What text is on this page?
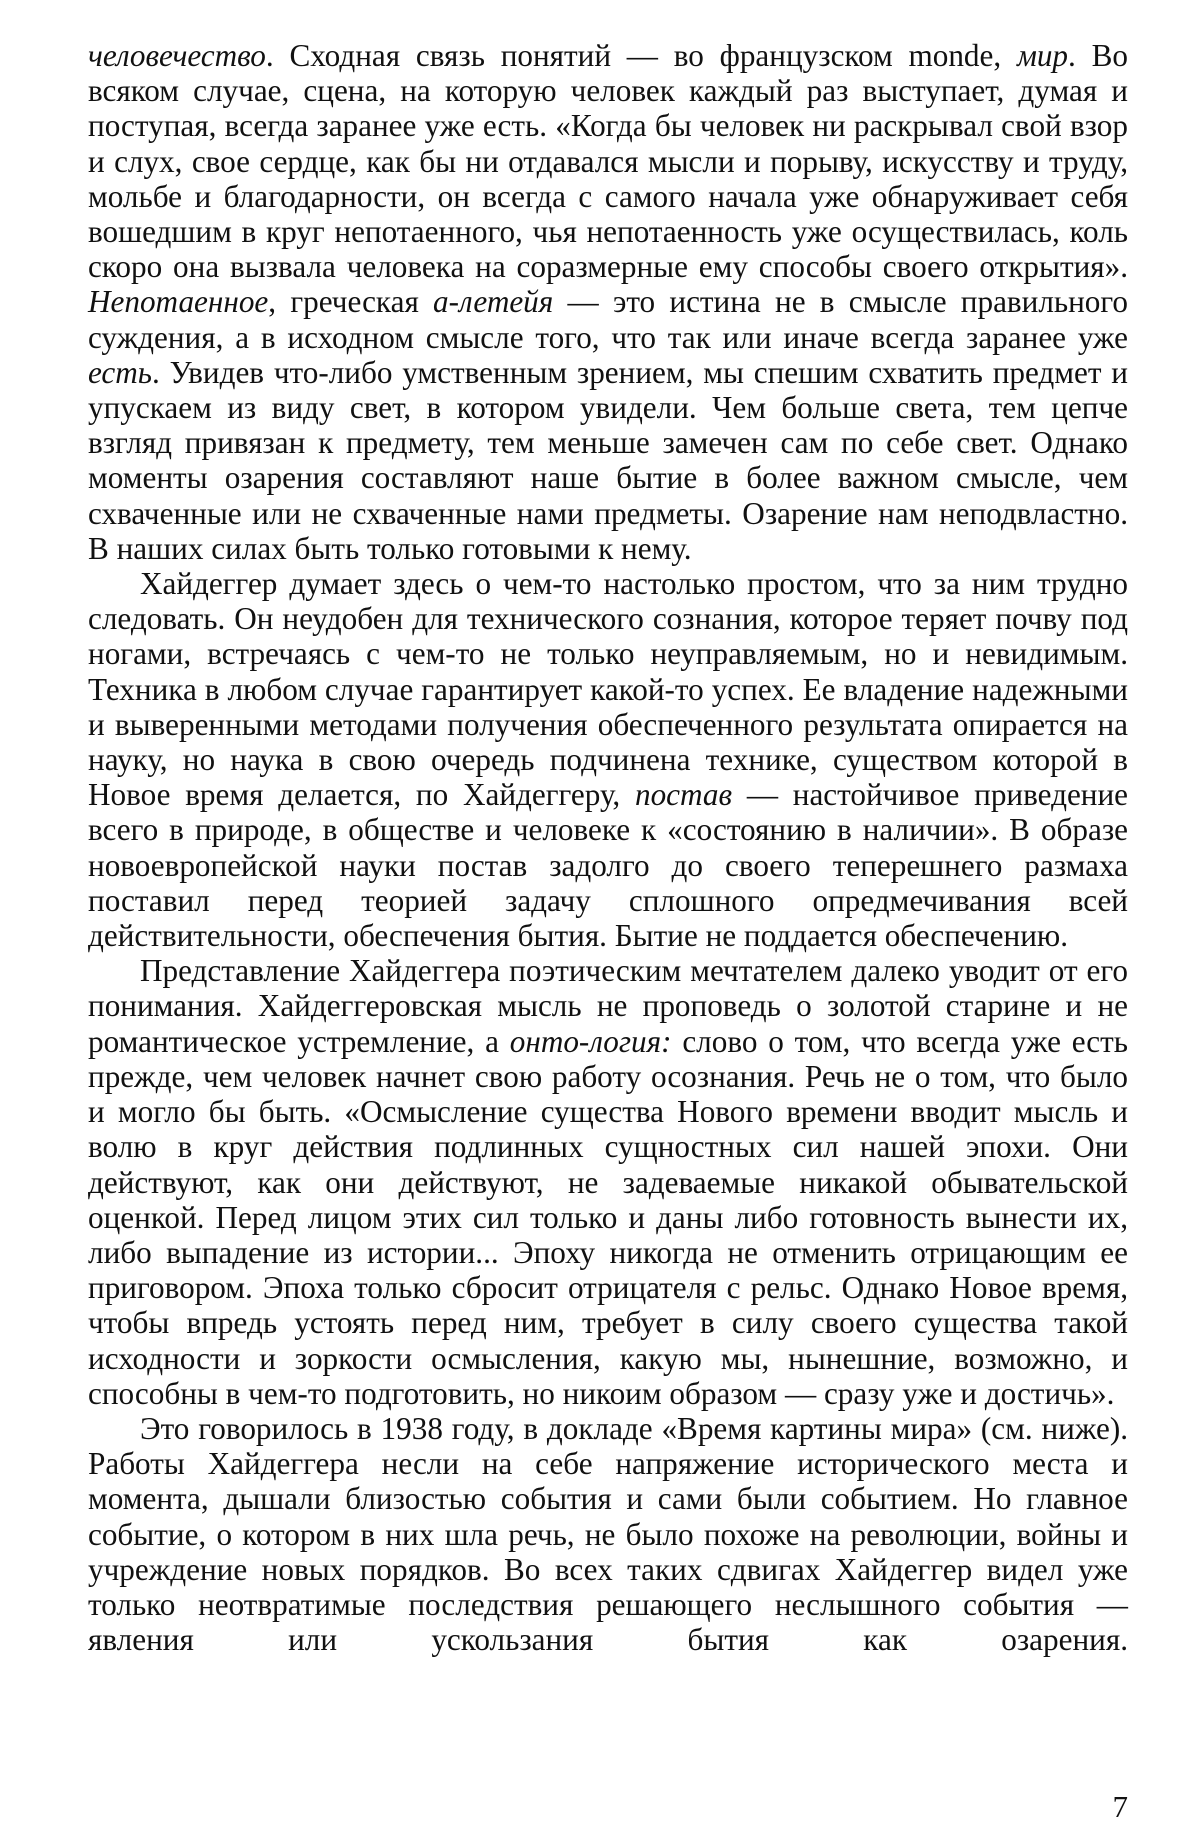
человечество. Сходная связь понятий — во французском monde, мир. Во всяком случае, сцена, на которую человек каждый раз выступает, думая и поступая, всегда заранее уже есть. «Когда бы человек ни раскрывал свой взор и слух, свое сердце, как бы ни отдавался мысли и порыву, искусству и труду, мольбе и благодарности, он всегда с самого начала уже обнаруживает себя вошедшим в круг непотаенного, чья непотаенность уже осуществилась, коль скоро она вызвала человека на соразмерные ему способы своего открытия». Непотаенное, греческая а-летейя — это истина не в смысле правильного суждения, а в исходном смысле того, что так или иначе всегда заранее уже есть. Увидев что-либо умственным зрением, мы спешим схватить предмет и упускаем из виду свет, в котором увидели. Чем больше света, тем цепче взгляд привязан к предмету, тем меньше замечен сам по себе свет. Однако моменты озарения составляют наше бытие в более важном смысле, чем схваченные или не схваченные нами предметы. Озарение нам неподвластно. В наших силах быть только готовыми к нему.

Хайдеггер думает здесь о чем-то настолько простом, что за ним трудно следовать. Он неудобен для технического сознания, которое теряет почву под ногами, встречаясь с чем-то не только неуправляемым, но и невидимым. Техника в любом случае гарантирует какой-то успех. Ее владение надежными и выверенными методами получения обеспеченного результата опирается на науку, но наука в свою очередь подчинена технике, существом которой в Новое время делается, по Хайдеггеру, постав — настойчивое приведение всего в природе, в обществе и человеке к «состоянию в наличии». В образе новоевропейской науки постав задолго до своего теперешнего размаха поставил перед теорией задачу сплошного опредмечивания всей действительности, обеспечения бытия. Бытие не поддается обеспечению.

Представление Хайдеггера поэтическим мечтателем далеко уводит от его понимания. Хайдеггеровская мысль не проповедь о золотой старине и не романтическое устремление, а онто-логия: слово о том, что всегда уже есть прежде, чем человек начнет свою работу осознания. Речь не о том, что было и могло бы быть. «Осмысление существа Нового времени вводит мысль и волю в круг действия подлинных сущностных сил нашей эпохи. Они действуют, как они действуют, не задеваемые никакой обывательской оценкой. Перед лицом этих сил только и даны либо готовность вынести их, либо выпадение из истории... Эпоху никогда не отменить отрицающим ее приговором. Эпоха только сбросит отрицателя с рельс. Однако Новое время, чтобы впредь устоять перед ним, требует в силу своего существа такой исходности и зоркости осмысления, какую мы, нынешние, возможно, и способны в чем-то подготовить, но никоим образом — сразу уже и достичь».

Это говорилось в 1938 году, в докладе «Время картины мира» (см. ниже). Работы Хайдеггера несли на себе напряжение исторического места и момента, дышали близостью события и сами были событием. Но главное событие, о котором в них шла речь, не было похоже на революции, войны и учреждение новых порядков. Во всех таких сдвигах Хайдеггер видел уже только неотвратимые последствия решающего неслышного события — явления или ускользания бытия как озарения.

7
